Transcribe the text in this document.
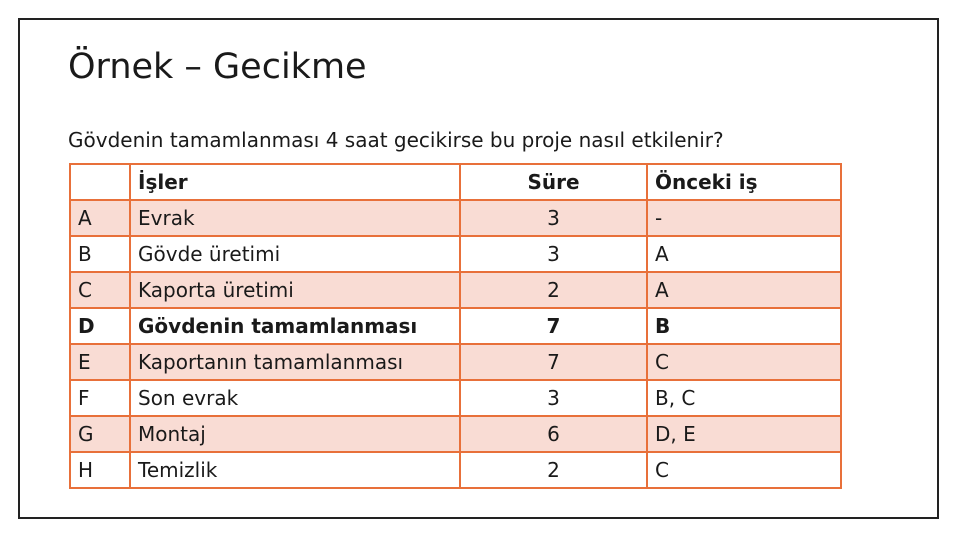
Örnek – Gecikme
Gövdenin tamamlanması 4 saat gecikirse bu proje nasıl etkilenir?
	İşler	Süre	Önceki iş
A	Evrak	3	-
B	Gövde üretimi	3	A
C	Kaporta üretimi	2	A
D	Gövdenin tamamlanması	7	B
E	Kaportanın tamamlanması	7	C
F	Son evrak	3	B, C
G	Montaj	6	D, E
H	Temizlik	2	C
